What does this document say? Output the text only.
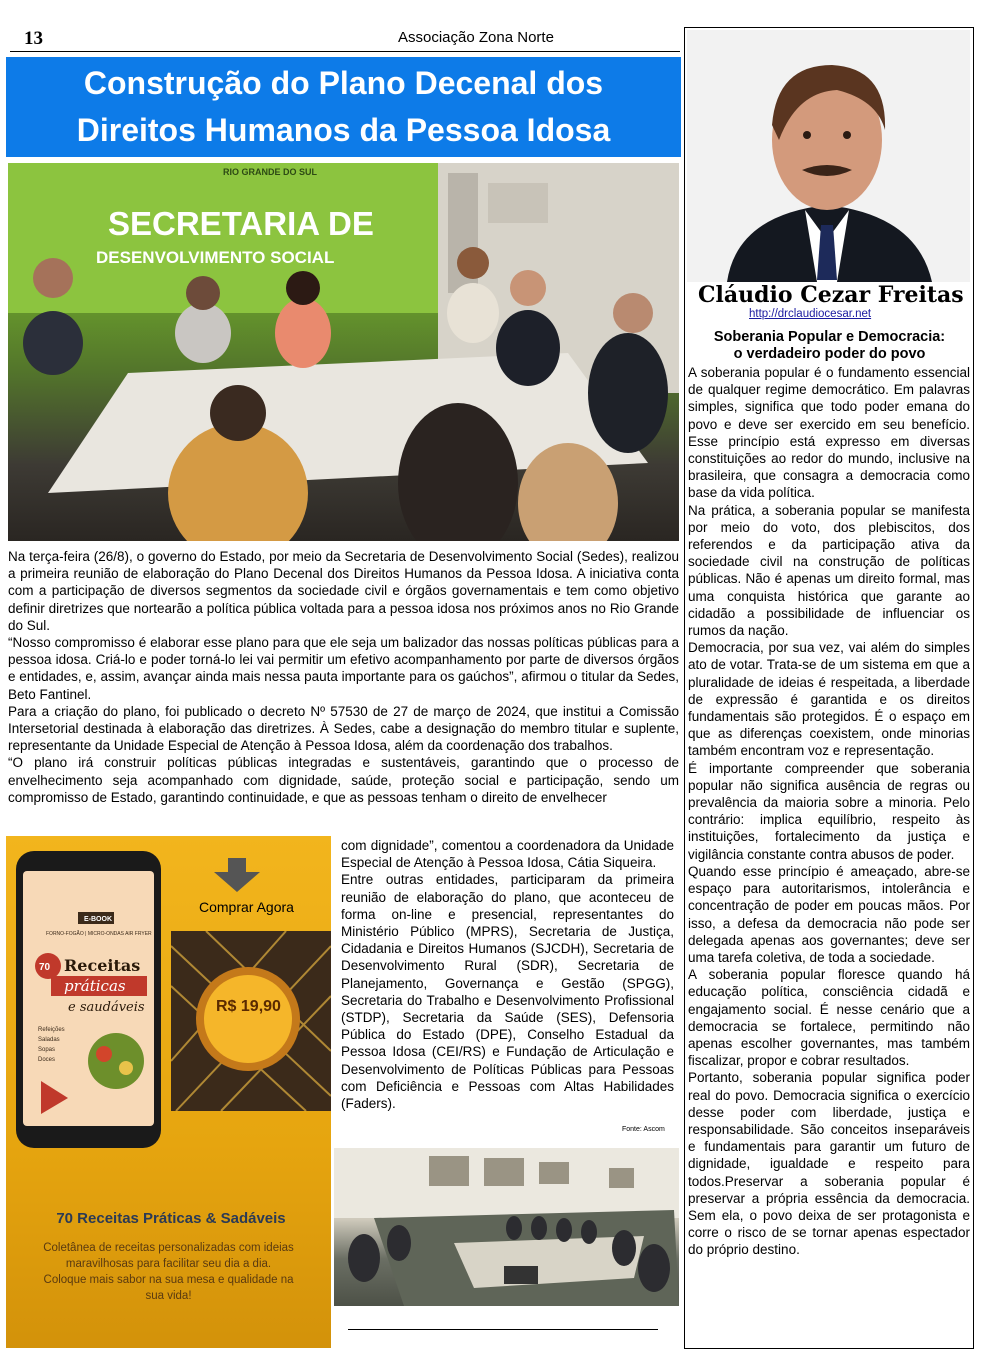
13	Associação Zona Norte
Construção do Plano Decenal dos
Direitos Humanos da Pessoa Idosa
RIO GRANDE DO SUL
SECRETARIA DE
DESENVOLVIMENTO SOCIAL

Na terça-feira (26/8), o governo do Estado, por meio da Secretaria de Desenvolvimento Social (Sedes), realizou a primeira reunião de elaboração do Plano Decenal dos Direitos Humanos da Pessoa Idosa. A iniciativa conta com a participação de diversos segmentos da sociedade civil e órgãos governamentais e tem como objetivo definir diretrizes que nortearão a política pública voltada para a pessoa idosa nos próximos anos no Rio Grande do Sul.

“Nosso compromisso é elaborar esse plano para que ele seja um balizador das nossas políticas públicas para a pessoa idosa. Criá-lo e poder torná-lo lei vai permitir um efetivo acompanhamento por parte de diversos órgãos e entidades, e, assim, avançar ainda mais nessa pauta importante para os gaúchos”, afirmou o titular da Sedes, Beto Fantinel.

Para a criação do plano, foi publicado o decreto Nº 57530 de 27 de março de 2024, que institui a Comissão Intersetorial destinada à elaboração das diretrizes. À Sedes, cabe a designação do membro titular e suplente, representante da Unidade Especial de Atenção à Pessoa Idosa, além da coordenação dos trabalhos.

“O plano irá construir políticas públicas integradas e sustentáveis, garantindo que o processo de envelhecimento seja acompanhado com dignidade, saúde, proteção social e participação, sendo um compromisso de Estado, garantindo continuidade, e que as pessoas tenham o direito de envelhecer

R$ 19,90
E-BOOK
FORNO-FOGÃO | MICRO-ONDAS AIR FRYER
70 Receitas
práticas
e saudáveis
Refeições
Saladas
Sopas
Doces
Comprar Agora
70 Receitas Práticas & Sadáveis
Coletânea de receitas personalizadas com ideias maravilhosas para facilitar seu dia a dia.
Coloque mais sabor na sua mesa e qualidade na sua vida!

com dignidade”, comentou a coordenadora da Unidade Especial de Atenção à Pessoa Idosa, Cátia Siqueira.

Entre outras entidades, participaram da primeira reunião de elaboração do plano, que aconteceu de forma on-line e presencial, representantes do Ministério Público (MPRS), Secretaria de Justiça, Cidadania e Direitos Humanos (SJCDH), Secretaria de Desenvolvimento Rural (SDR), Secretaria de Planejamento, Governança e Gestão (SPGG), Secretaria do Trabalho e Desenvolvimento Profissional (STDP), Secretaria da Saúde (SES), Defensoria Pública do Estado (DPE), Conselho Estadual da Pessoa Idosa (CEI/RS) e Fundação de Articulação e Desenvolvimento de Políticas Públicas para Pessoas com Deficiência e Pessoas com Altas Habilidades (Faders).

Fonte: Ascom
Cláudio Cezar Freitas
http://drclaudiocesar.net
Soberania Popular e Democracia:
o verdadeiro poder do povo

A soberania popular é o fundamento essencial de qualquer regime democrático. Em palavras simples, significa que todo poder emana do povo e deve ser exercido em seu benefício. Esse princípio está expresso em diversas constituições ao redor do mundo, inclusive na brasileira, que consagra a democracia como base da vida política.

Na prática, a soberania popular se manifesta por meio do voto, dos plebiscitos, dos referendos e da participação ativa da sociedade civil na construção de políticas públicas. Não é apenas um direito formal, mas uma conquista histórica que garante ao cidadão a possibilidade de influenciar os rumos da nação.

Democracia, por sua vez, vai além do simples ato de votar. Trata-se de um sistema em que a pluralidade de ideias é respeitada, a liberdade de expressão é garantida e os direitos fundamentais são protegidos. É o espaço em que as diferenças coexistem, onde minorias também encontram voz e representação.

É importante compreender que soberania popular não significa ausência de regras ou prevalência da maioria sobre a minoria. Pelo contrário: implica equilíbrio, respeito às instituições, fortalecimento da justiça e vigilância constante contra abusos de poder.

Quando esse princípio é ameaçado, abre-se espaço para autoritarismos, intolerância e concentração de poder em poucas mãos. Por isso, a defesa da democracia não pode ser delegada apenas aos governantes; deve ser uma tarefa coletiva, de toda a sociedade.

A soberania popular floresce quando há educação política, consciência cidadã e engajamento social. É nesse cenário que a democracia se fortalece, permitindo não apenas escolher governantes, mas também fiscalizar, propor e cobrar resultados.

Portanto, soberania popular significa poder real do povo. Democracia significa o exercício desse poder com liberdade, justiça e responsabilidade. São conceitos inseparáveis e fundamentais para garantir um futuro de dignidade, igualdade e respeito para todos.Preservar a soberania popular é preservar a própria essência da democracia. Sem ela, o povo deixa de ser protagonista e corre o risco de se tornar apenas espectador do próprio destino.
